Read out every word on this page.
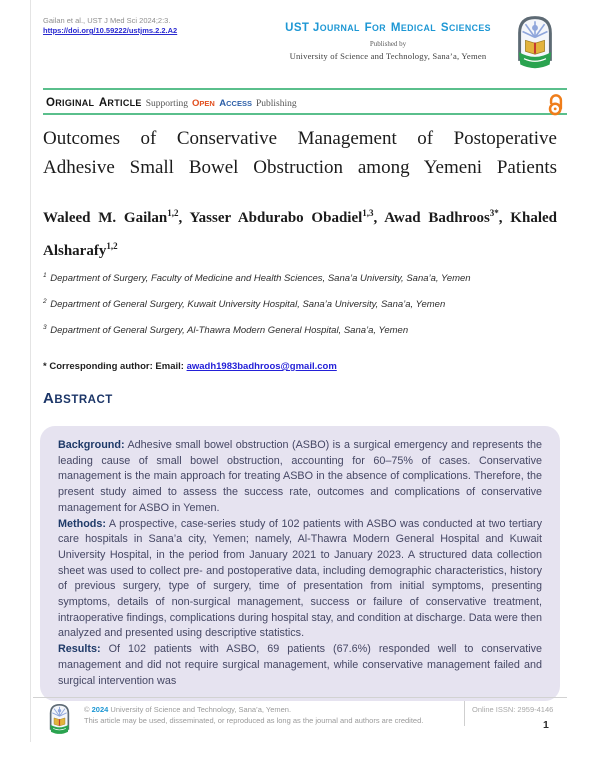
Gailan et al., UST J Med Sci 2024;2:3.
https://doi.org/10.59222/ustjms.2.2.A2	UST JOURNAL FOR MEDICAL SCIENCES
Published by
University of Science and Technology, Sana’a, Yemen
ORIGINAL ARTICLE Supporting OPEN ACCESS Publishing
Outcomes of Conservative Management of Postoperative
Adhesive Small Bowel Obstruction among Yemeni Patients
Waleed M. Gailan$^{1,2}$, Yasser Abdurabo Obadiel$^{1,3}$, Awad Badhroos$^{3*}$, Khaled
Alsharafy$^{1,2}$
$^1$ Department of Surgery, Faculty of Medicine and Health Sciences, Sana’a University, Sana’a, Yemen
$^2$ Department of General Surgery, Kuwait University Hospital, Sana’a University, Sana’a, Yemen
$^3$ Department of General Surgery, Al-Thawra Modern General Hospital, Sana’a, Yemen
* Corresponding author: Email: awadh1983badhroos@gmail.com
ABSTRACT

Background: Adhesive small bowel obstruction (ASBO) is a surgical emergency and represents the leading cause of small bowel obstruction, accounting for 60–75% of cases. Conservative management is the main approach for treating ASBO in the absence of complications. Therefore, the present study aimed to assess the success rate, outcomes and complications of conservative management for ASBO in Yemen.

Methods: A prospective, case-series study of 102 patients with ASBO was conducted at two tertiary care hospitals in Sana’a city, Yemen; namely, Al-Thawra Modern General Hospital and Kuwait University Hospital, in the period from January 2021 to January 2023. A structured data collection sheet was used to collect pre- and postoperative data, including demographic characteristics, history of previous surgery, type of surgery, time of presentation from initial symptoms, presenting symptoms, details of non-surgical management, success or failure of conservative treatment, intraoperative findings, complications during hospital stay, and condition at discharge. Data were then analyzed and presented using descriptive statistics.

Results: Of 102 patients with ASBO, 69 patients (67.6%) responded well to conservative management and did not require surgical management, while conservative management failed and surgical intervention was

© 2024 University of Science and Technology, Sana’a, Yemen.
This article may be used, disseminated, or reproduced as long as the journal and authors are credited.
Online ISSN: 2959-4146
1
